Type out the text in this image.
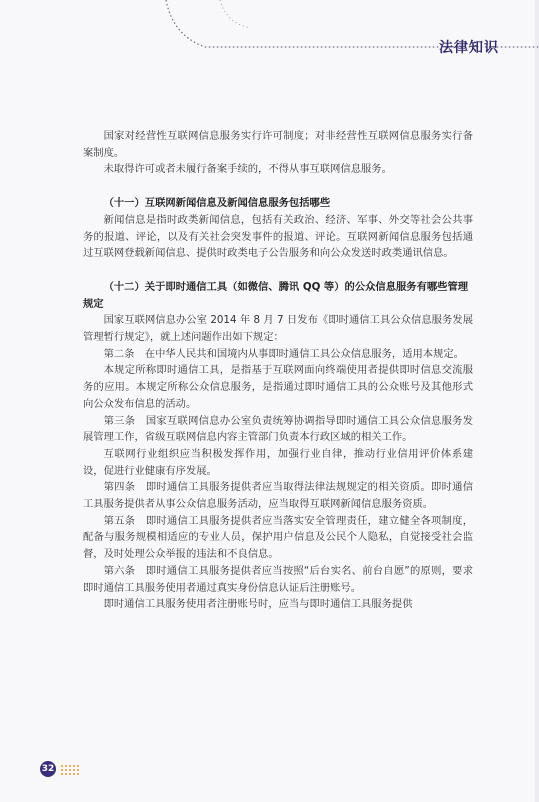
法律知识

国家对经营性互联网信息服务实行许可制度；对非经营性互联网信息服务实行备案制度。

未取得许可或者未履行备案手续的，不得从事互联网信息服务。

（十一）互联网新闻信息及新闻信息服务包括哪些

新闻信息是指时政类新闻信息，包括有关政治、经济、军事、外交等社会公共事务的报道、评论，以及有关社会突发事件的报道、评论。互联网新闻信息服务包括通过互联网登载新闻信息、提供时政类电子公告服务和向公众发送时政类通讯信息。

（十二）关于即时通信工具（如微信、腾讯 QQ 等）的公众信息服务有哪些管理规定

国家互联网信息办公室 2014 年 8 月 7 日发布《即时通信工具公众信息服务发展管理暂行规定》，就上述问题作出如下规定：

第二条　在中华人民共和国境内从事即时通信工具公众信息服务，适用本规定。

本规定所称即时通信工具，是指基于互联网面向终端使用者提供即时信息交流服务的应用。本规定所称公众信息服务，是指通过即时通信工具的公众账号及其他形式向公众发布信息的活动。

第三条　国家互联网信息办公室负责统筹协调指导即时通信工具公众信息服务发展管理工作，省级互联网信息内容主管部门负责本行政区域的相关工作。

互联网行业组织应当积极发挥作用，加强行业自律，推动行业信用评价体系建设，促进行业健康有序发展。

第四条　即时通信工具服务提供者应当取得法律法规规定的相关资质。即时通信工具服务提供者从事公众信息服务活动，应当取得互联网新闻信息服务资质。

第五条　即时通信工具服务提供者应当落实安全管理责任，建立健全各项制度，配备与服务规模相适应的专业人员，保护用户信息及公民个人隐私，自觉接受社会监督，及时处理公众举报的违法和不良信息。

第六条　即时通信工具服务提供者应当按照“后台实名、前台自愿”的原则，要求即时通信工具服务使用者通过真实身份信息认证后注册账号。

即时通信工具服务使用者注册账号时，应当与即时通信工具服务提供

32
